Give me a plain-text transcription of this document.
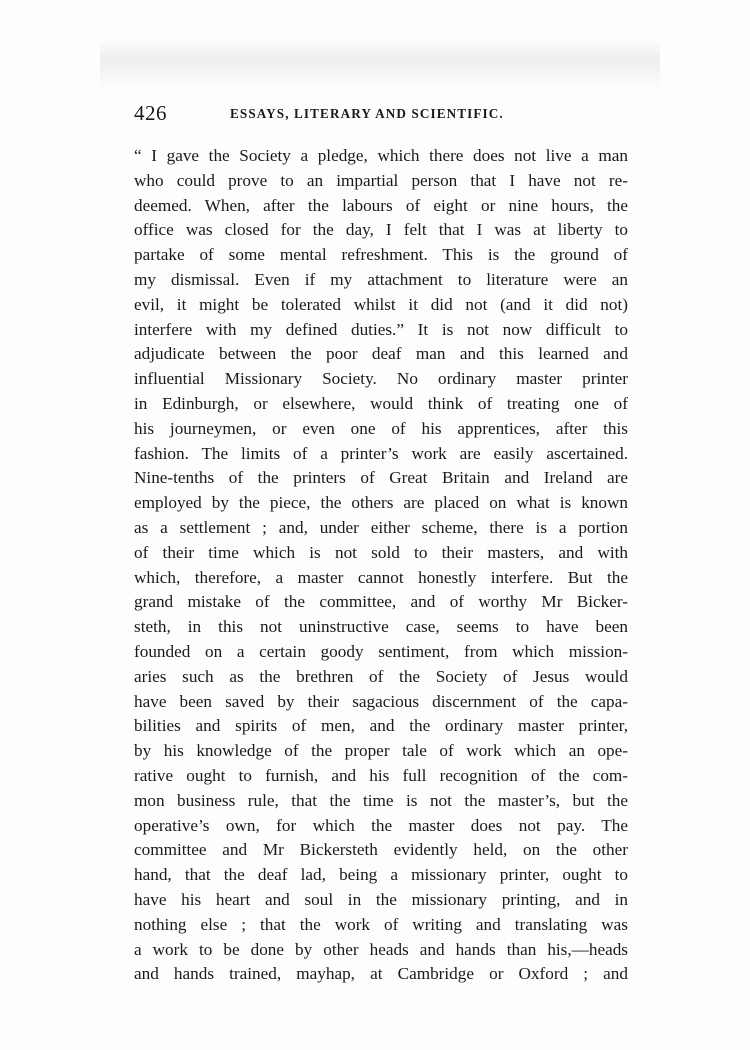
426	ESSAYS, LITERARY AND SCIENTIFIC.
“ I gave the Society a pledge, which there does not live a man
who could prove to an impartial person that I have not re-
deemed. When, after the labours of eight or nine hours, the
office was closed for the day, I felt that I was at liberty to
partake of some mental refreshment. This is the ground of
my dismissal. Even if my attachment to literature were an
evil, it might be tolerated whilst it did not (and it did not)
interfere with my defined duties.” It is not now difficult to
adjudicate between the poor deaf man and this learned and
influential Missionary Society. No ordinary master printer
in Edinburgh, or elsewhere, would think of treating one of
his journeymen, or even one of his apprentices, after this
fashion. The limits of a printer’s work are easily ascertained.
Nine-tenths of the printers of Great Britain and Ireland are
employed by the piece, the others are placed on what is known
as a settlement ; and, under either scheme, there is a portion
of their time which is not sold to their masters, and with
which, therefore, a master cannot honestly interfere. But the
grand mistake of the committee, and of worthy Mr Bicker-
steth, in this not uninstructive case, seems to have been
founded on a certain goody sentiment, from which mission-
aries such as the brethren of the Society of Jesus would
have been saved by their sagacious discernment of the capa-
bilities and spirits of men, and the ordinary master printer,
by his knowledge of the proper tale of work which an ope-
rative ought to furnish, and his full recognition of the com-
mon business rule, that the time is not the master’s, but the
operative’s own, for which the master does not pay. The
committee and Mr Bickersteth evidently held, on the other
hand, that the deaf lad, being a missionary printer, ought to
have his heart and soul in the missionary printing, and in
nothing else ; that the work of writing and translating was
a work to be done by other heads and hands than his,—heads
and hands trained, mayhap, at Cambridge or Oxford ; and
